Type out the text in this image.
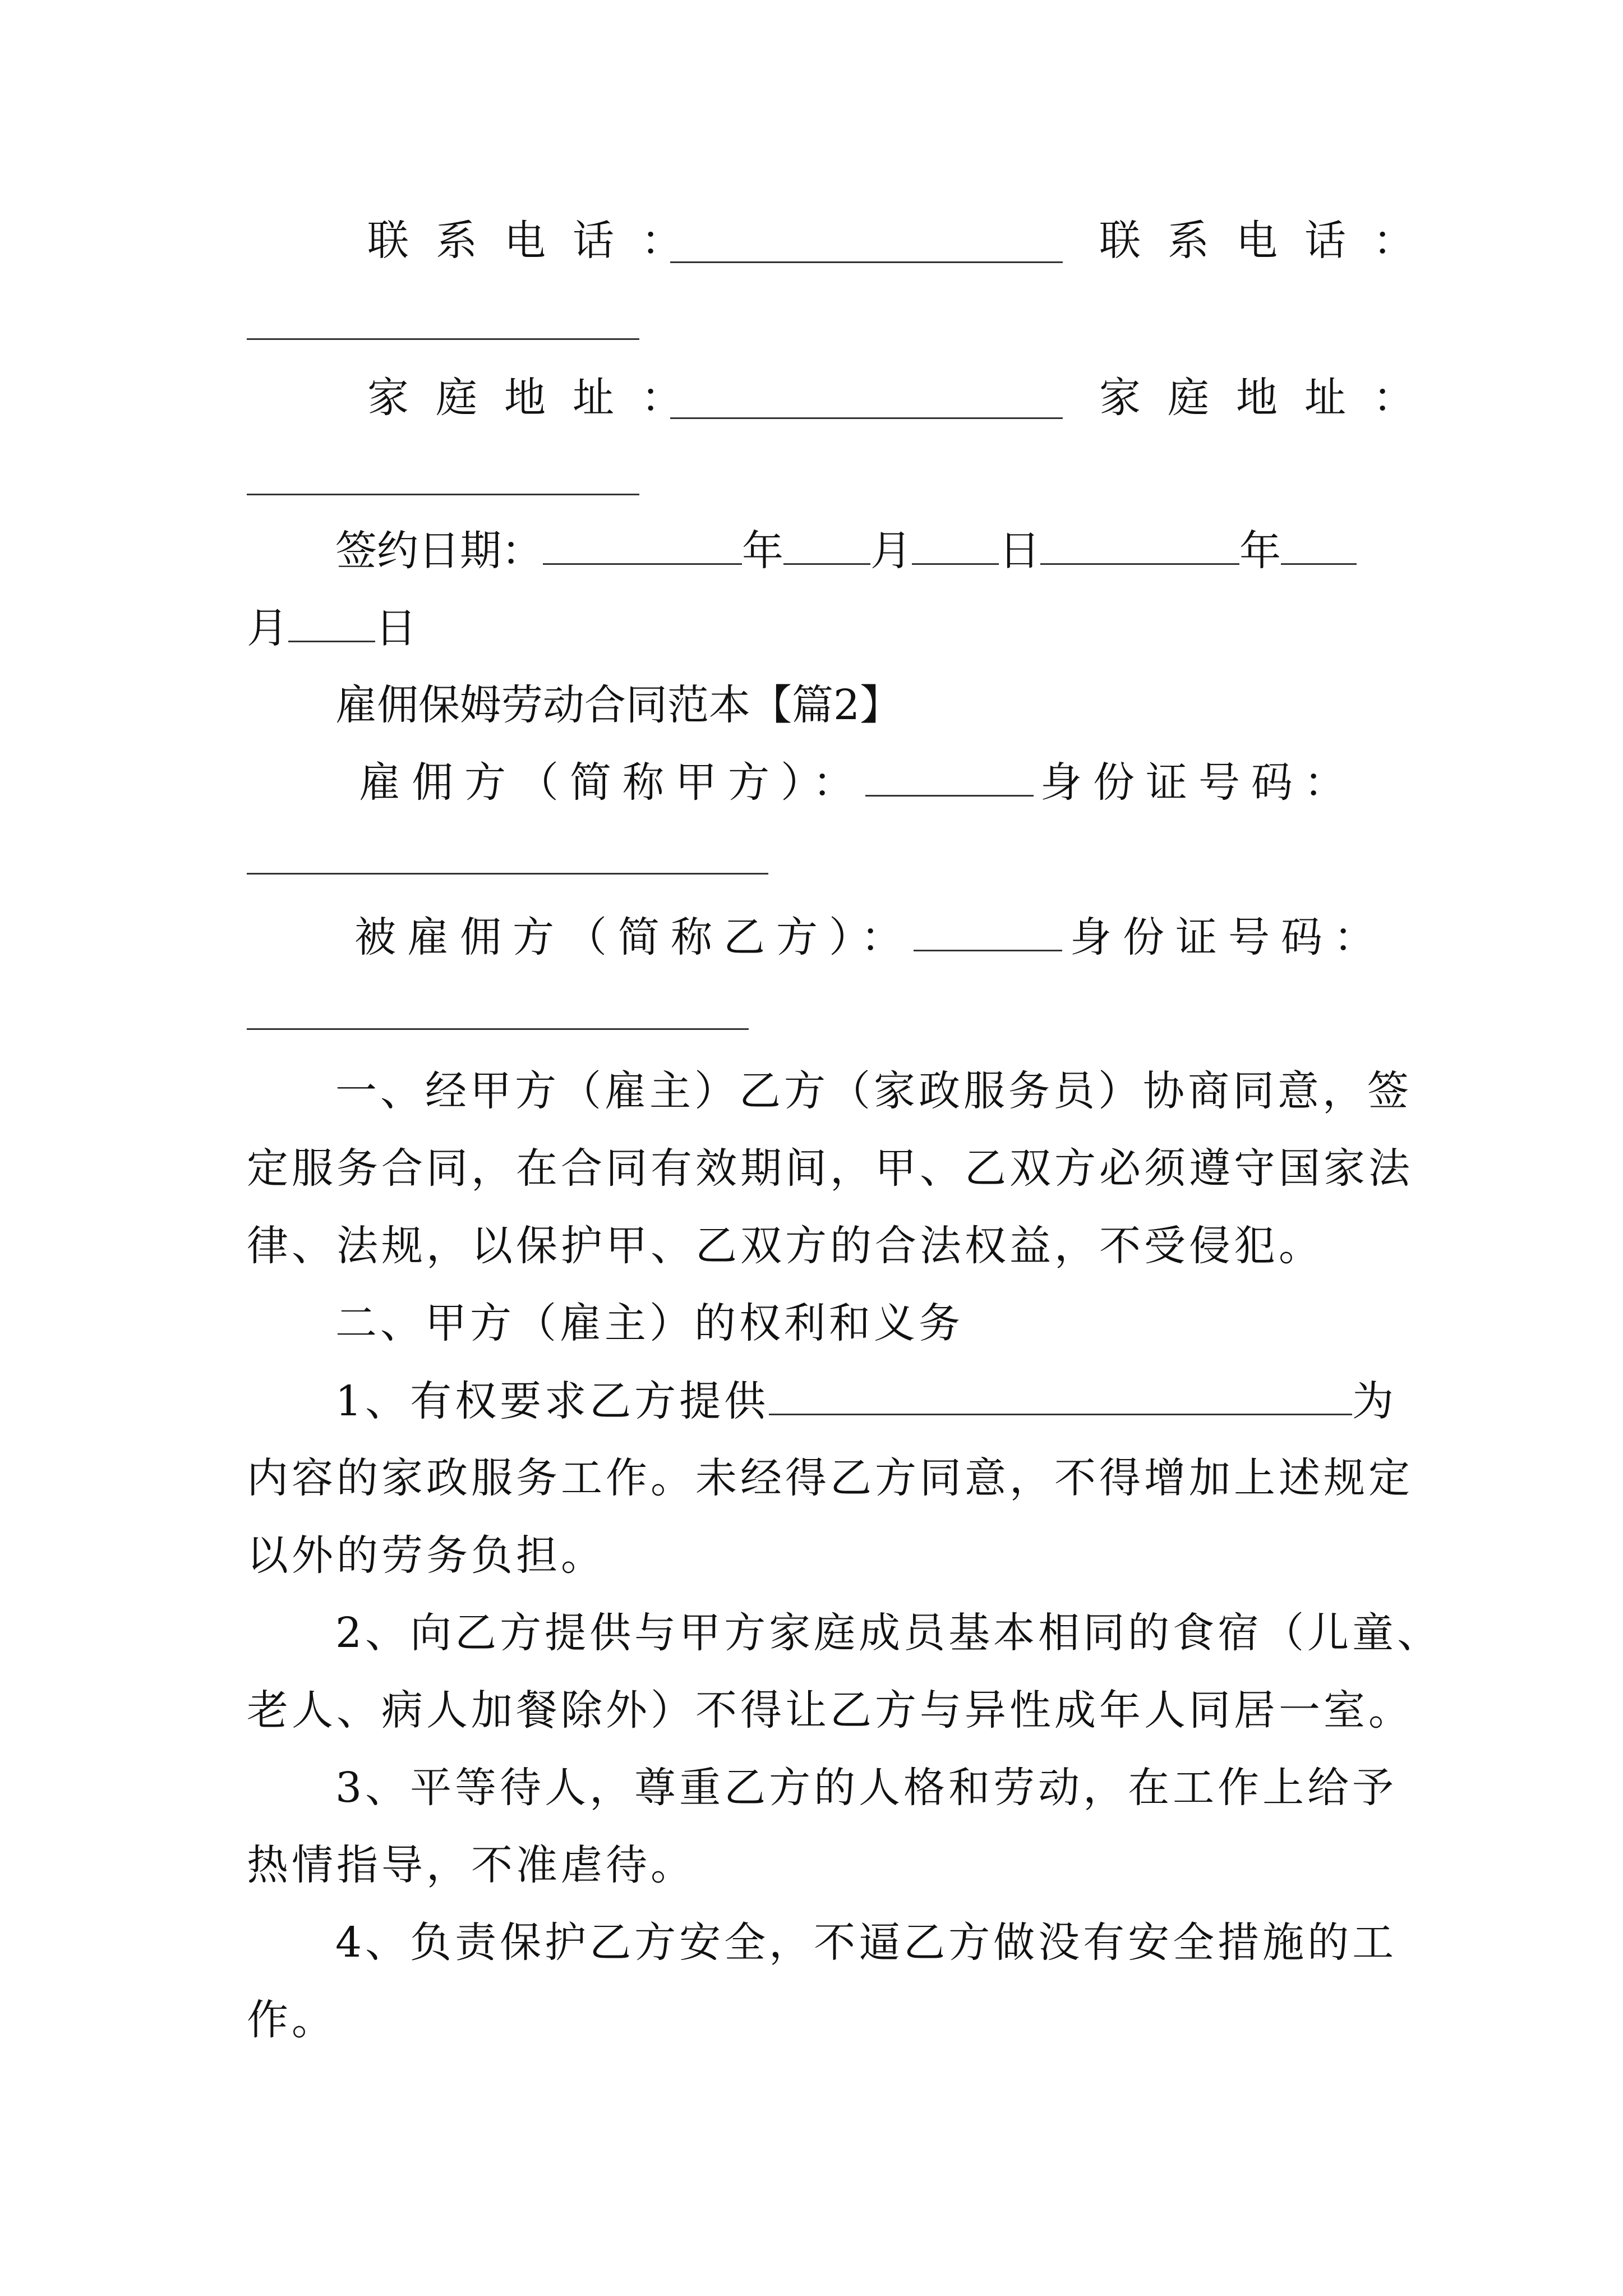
联系电话：	联系电话：
家庭地址：	家庭地址：
签约日期：	年 月 日	年
月 日
雇佣保姆劳动合同范本【篇2】
雇佣方（简称甲方）：	身份证号码：
被雇佣方（简称乙方）：	身份证号码：
一、经甲方（雇主）乙方（家政服务员）协商同意，签
定服务合同，在合同有效期间，甲、乙双方必须遵守国家法
律、法规，以保护甲、乙双方的合法权益，不受侵犯。
二、甲方（雇主）的权利和义务
1、有权要求乙方提供	为
内容的家政服务工作。未经得乙方同意，不得增加上述规定
以外的劳务负担。
2、向乙方提供与甲方家庭成员基本相同的食宿（儿童、
老人、病人加餐除外）不得让乙方与异性成年人同居一室。
3、平等待人，尊重乙方的人格和劳动，在工作上给予
热情指导，不准虐待。
4、负责保护乙方安全，不逼乙方做没有安全措施的工
作。
